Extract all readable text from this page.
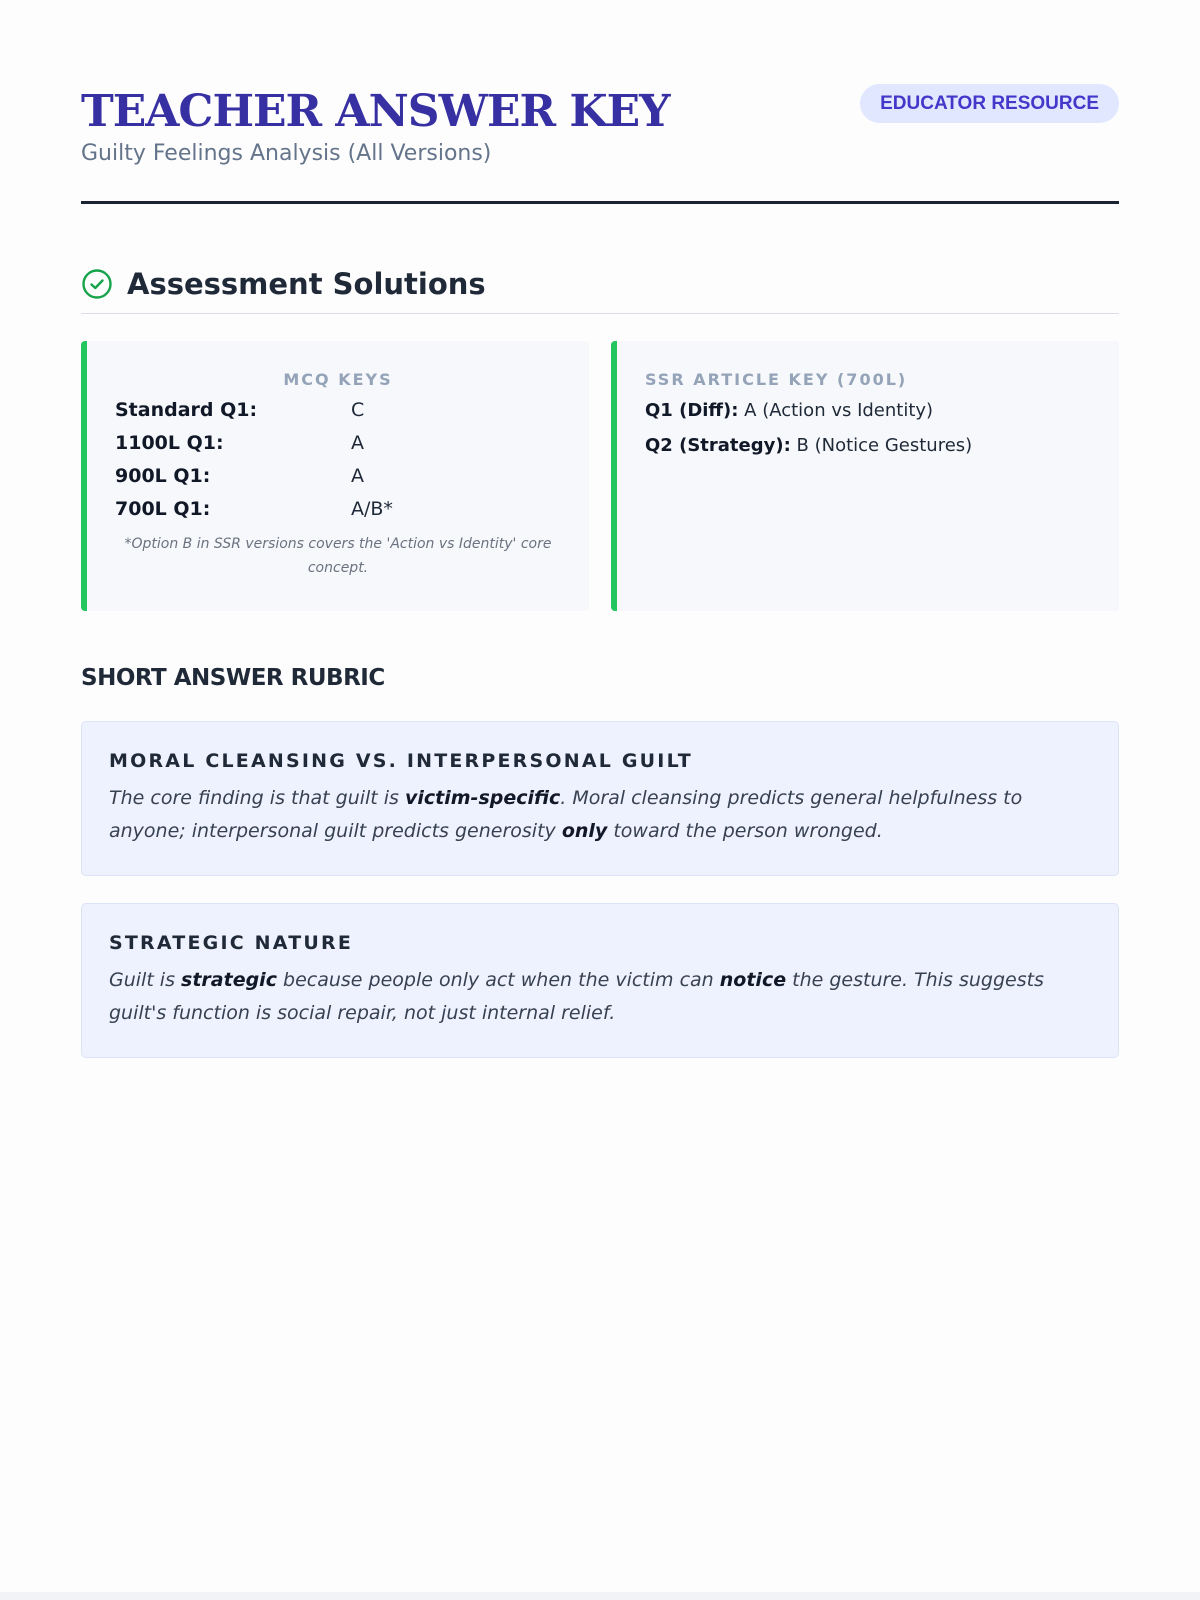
TEACHER ANSWER KEY
Guilty Feelings Analysis (All Versions)
EDUCATOR RESOURCE
Assessment Solutions
MCQ KEYS
Standard Q1:	C
1100L Q1:	A
900L Q1:	A
700L Q1:	A/B*
*Option B in SSR versions covers the 'Action vs Identity' core concept.
SSR ARTICLE KEY (700L)
Q1 (Diff): A (Action vs Identity)
Q2 (Strategy): B (Notice Gestures)
SHORT ANSWER RUBRIC
MORAL CLEANSING VS. INTERPERSONAL GUILT

The core finding is that guilt is victim-specific. Moral cleansing predicts general helpfulness to anyone; interpersonal guilt predicts generosity only toward the person wronged.

STRATEGIC NATURE

Guilt is strategic because people only act when the victim can notice the gesture. This suggests guilt's function is social repair, not just internal relief.
